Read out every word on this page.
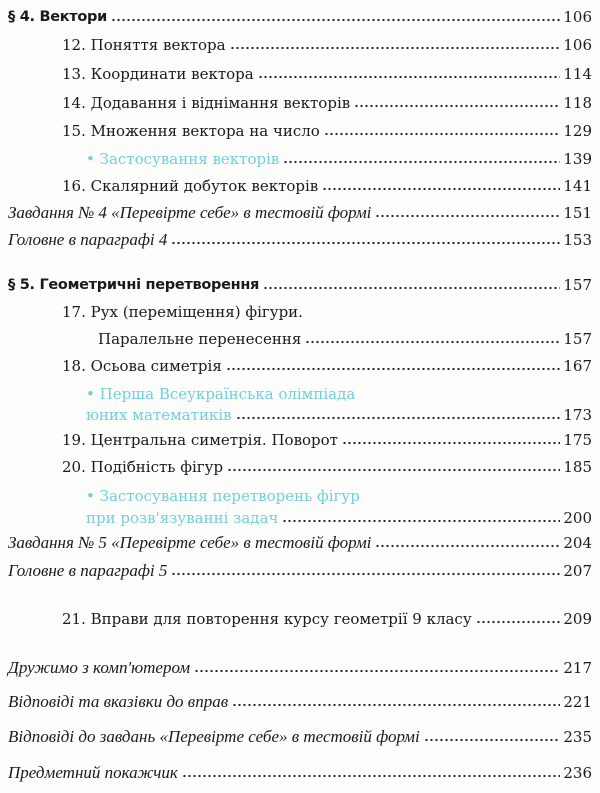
§ 4. Вектори	106
12. Поняття вектора	106
13. Координати вектора	114
14. Додавання і віднімання векторів	118
15. Множення вектора на число	129
• Застосування векторів	139
16. Скалярний добуток векторів	141
Завдання № 4 «Перевірте себе» в тестовій формі	151
Головне в параграфі 4	153
§ 5. Геометричні перетворення	157
17. Рух (переміщення) фігури.
Паралельне перенесення	157
18. Осьова симетрія	167
• Перша Всеукраїнська олімпіада
юних математиків	173
19. Центральна симетрія. Поворот	175
20. Подібність фігур	185
• Застосування перетворень фігур
при розв'язуванні задач	200
Завдання № 5 «Перевірте себе» в тестовій формі	204
Головне в параграфі 5	207
21. Вправи для повторення курсу геометрії 9 класу	209
Дружимо з комп'ютером	217
Відповіді та вказівки до вправ	221
Відповіді до завдань «Перевірте себе» в тестовій формі	235
Предметний покажчик	236
